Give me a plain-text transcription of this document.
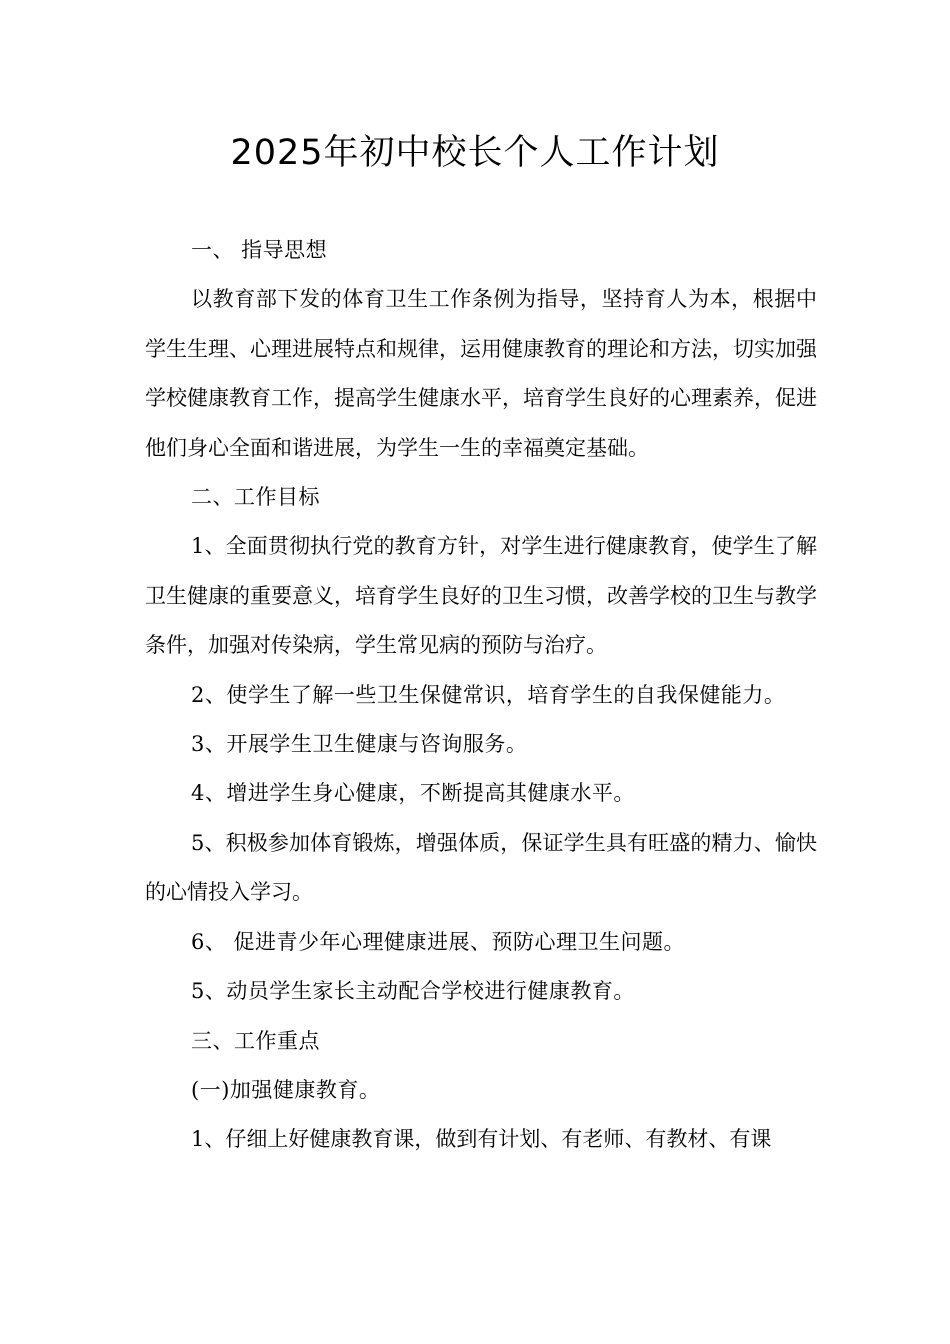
2025年初中校长个人工作计划

一、 指导思想

以教育部下发的体育卫生工作条例为指导，坚持育人为本，根据中学生生理、心理进展特点和规律，运用健康教育的理论和方法，切实加强学校健康教育工作，提高学生健康水平，培育学生良好的心理素养，促进他们身心全面和谐进展，为学生一生的幸福奠定基础。

二、工作目标

1、全面贯彻执行党的教育方针，对学生进行健康教育，使学生了解卫生健康的重要意义，培育学生良好的卫生习惯，改善学校的卫生与教学条件，加强对传染病，学生常见病的预防与治疗。

2、使学生了解一些卫生保健常识，培育学生的自我保健能力。

3、开展学生卫生健康与咨询服务。

4、增进学生身心健康，不断提高其健康水平。

5、积极参加体育锻炼，增强体质，保证学生具有旺盛的精力、愉快的心情投入学习。

6、 促进青少年心理健康进展、预防心理卫生问题。

5、动员学生家长主动配合学校进行健康教育。

三、工作重点

(一)加强健康教育。

1、仔细上好健康教育课，做到有计划、有老师、有教材、有课
